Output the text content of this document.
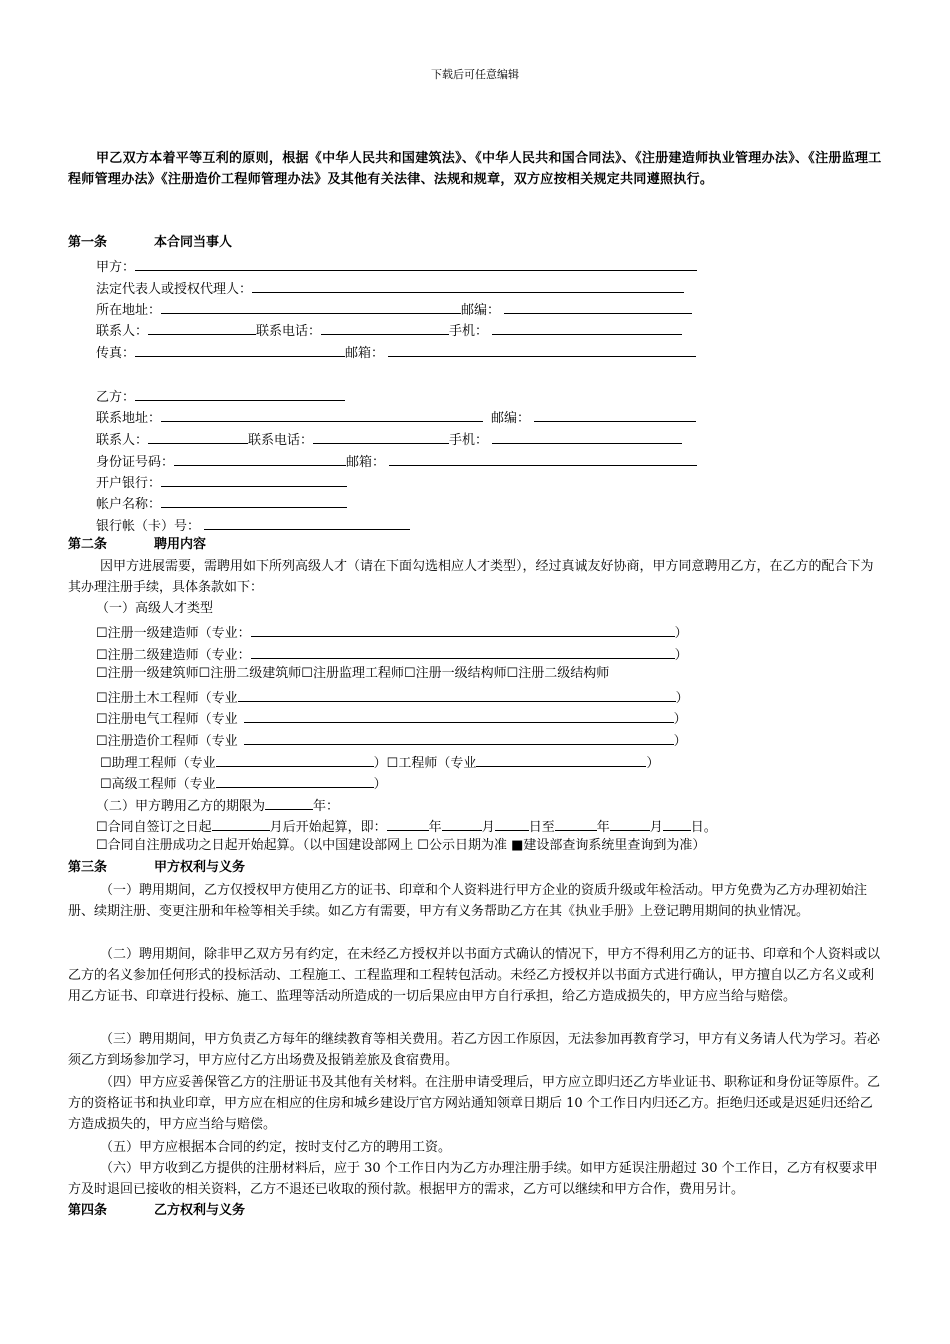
下载后可任意编辑
甲乙双方本着平等互利的原则，根据《中华人民共和国建筑法》、《中华人民共和国合同法》、《注册建造师执业管理办法》、《注册监理工程师管理办法》《注册造价工程师管理办法》及其他有关法律、法规和规章，双方应按相关规定共同遵照执行。
第一条	本合同当事人
甲方：
法定代表人或授权代理人：
所在地址：	邮编：
联系人：	联系电话：	手机：
传真：	邮箱：
乙方：
联系地址：	邮编：
联系人：	联系电话：	手机：
身份证号码：	邮箱：
开户银行：
帐户名称：
银行帐（卡）号：
第二条	聘用内容
因甲方进展需要，需聘用如下所列高级人才（请在下面勾选相应人才类型），经过真诚友好协商，甲方同意聘用乙方，在乙方的配合下为其办理注册手续，具体条款如下：
（一）高级人才类型
☐注册一级建造师（专业：	）
☐注册二级建造师（专业：	）
☐注册一级建筑师☐注册二级建筑师☐注册监理工程师☐注册一级结构师☐注册二级结构师
☐注册土木工程师（专业	）
☐注册电气工程师（专业	）
☐注册造价工程师（专业	）
☐助理工程师（专业	）☐工程师（专业	）
☐高级工程师（专业	）
（二）甲方聘用乙方的期限为	年：
☐合同自签订之日起	月后开始起算，即：	年	月	日至	年	月 日。
☐合同自注册成功之日起开始起算。（以中国建设部网上 ☐公示日期为准 ■建设部查询系统里查询到为准）
第三条	甲方权利与义务
（一）聘用期间，乙方仅授权甲方使用乙方的证书、印章和个人资料进行甲方企业的资质升级或年检活动。甲方免费为乙方办理初始注册、续期注册、变更注册和年检等相关手续。如乙方有需要，甲方有义务帮助乙方在其《执业手册》上登记聘用期间的执业情况。
（二）聘用期间，除非甲乙双方另有约定，在未经乙方授权并以书面方式确认的情况下，甲方不得利用乙方的证书、印章和个人资料或以乙方的名义参加任何形式的投标活动、工程施工、工程监理和工程转包活动。未经乙方授权并以书面方式进行确认，甲方擅自以乙方名义或利用乙方证书、印章进行投标、施工、监理等活动所造成的一切后果应由甲方自行承担，给乙方造成损失的，甲方应当给与赔偿。
（三）聘用期间，甲方负责乙方每年的继续教育等相关费用。若乙方因工作原因，无法参加再教育学习，甲方有义务请人代为学习。若必须乙方到场参加学习，甲方应付乙方出场费及报销差旅及食宿费用。
（四）甲方应妥善保管乙方的注册证书及其他有关材料。在注册申请受理后，甲方应立即归还乙方毕业证书、职称证和身份证等原件。乙方的资格证书和执业印章，甲方应在相应的住房和城乡建设厅官方网站通知领章日期后 10 个工作日内归还乙方。拒绝归还或是迟延归还给乙方造成损失的，甲方应当给与赔偿。
（五）甲方应根据本合同的约定，按时支付乙方的聘用工资。
（六）甲方收到乙方提供的注册材料后，应于 30 个工作日内为乙方办理注册手续。如甲方延误注册超过 30 个工作日，乙方有权要求甲方及时退回已接收的相关资料，乙方不退还已收取的预付款。根据甲方的需求，乙方可以继续和甲方合作，费用另计。
第四条	乙方权利与义务
